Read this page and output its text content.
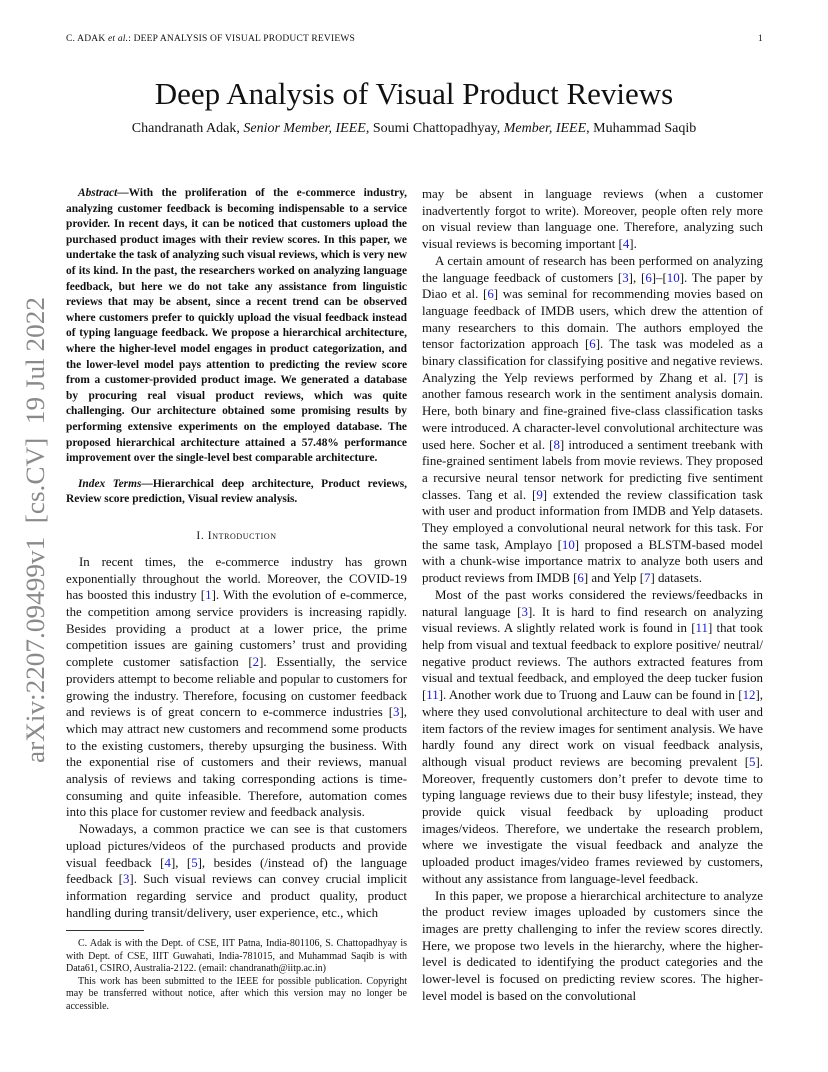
C. ADAK et al.: DEEP ANALYSIS OF VISUAL PRODUCT REVIEWS	1
arXiv:2207.09499v1  [cs.CV]  19 Jul 2022
Deep Analysis of Visual Product Reviews
Chandranath Adak, Senior Member, IEEE, Soumi Chattopadhyay, Member, IEEE, Muhammad Saqib

Abstract—With the proliferation of the e-commerce industry, analyzing customer feedback is becoming indispensable to a service provider. In recent days, it can be noticed that customers upload the purchased product images with their review scores. In this paper, we undertake the task of analyzing such visual reviews, which is very new of its kind. In the past, the researchers worked on analyzing language feedback, but here we do not take any assistance from linguistic reviews that may be absent, since a recent trend can be observed where customers prefer to quickly upload the visual feedback instead of typing language feedback. We propose a hierarchical architecture, where the higher-level model engages in product categorization, and the lower-level model pays attention to predicting the review score from a customer-provided product image. We generated a database by procuring real visual product reviews, which was quite challenging. Our architecture obtained some promising results by performing extensive experiments on the employed database. The proposed hierarchical architecture attained a 57.48% performance improvement over the single-level best comparable architecture.

Index Terms—Hierarchical deep architecture, Product reviews, Review score prediction, Visual review analysis.

I. Introduction

In recent times, the e-commerce industry has grown exponentially throughout the world. Moreover, the COVID-19 has boosted this industry [1]. With the evolution of e-commerce, the competition among service providers is increasing rapidly. Besides providing a product at a lower price, the prime competition issues are gaining customers’ trust and providing complete customer satisfaction [2]. Essentially, the service providers attempt to become reliable and popular to customers for growing the industry. Therefore, focusing on customer feedback and reviews is of great concern to e-commerce industries [3], which may attract new customers and recommend some products to the existing customers, thereby upsurging the business. With the exponential rise of customers and their reviews, manual analysis of reviews and taking corresponding actions is time-consuming and quite infeasible. Therefore, automation comes into this place for customer review and feedback analysis.

Nowadays, a common practice we can see is that customers upload pictures/videos of the purchased products and provide visual feedback [4], [5], besides (/instead of) the language feedback [3]. Such visual reviews can convey crucial implicit information regarding service and product quality, product handling during transit/delivery, user experience, etc., which

C. Adak is with the Dept. of CSE, IIT Patna, India-801106, S. Chattopadhyay is with Dept. of CSE, IIIT Guwahati, India-781015, and Muhammad Saqib is with Data61, CSIRO, Australia-2122. (email: chandranath@iitp.ac.in)

This work has been submitted to the IEEE for possible publication. Copyright may be transferred without notice, after which this version may no longer be accessible.

may be absent in language reviews (when a customer inadvertently forgot to write). Moreover, people often rely more on visual review than language one. Therefore, analyzing such visual reviews is becoming important [4].

A certain amount of research has been performed on analyzing the language feedback of customers [3], [6]–[10]. The paper by Diao et al. [6] was seminal for recommending movies based on language feedback of IMDB users, which drew the attention of many researchers to this domain. The authors employed the tensor factorization approach [6]. The task was modeled as a binary classification for classifying positive and negative reviews. Analyzing the Yelp reviews performed by Zhang et al. [7] is another famous research work in the sentiment analysis domain. Here, both binary and fine-grained five-class classification tasks were introduced. A character-level convolutional architecture was used here. Socher et al. [8] introduced a sentiment treebank with fine-grained sentiment labels from movie reviews. They proposed a recursive neural tensor network for predicting five sentiment classes. Tang et al. [9] extended the review classification task with user and product information from IMDB and Yelp datasets. They employed a convolutional neural network for this task. For the same task, Amplayo [10] proposed a BLSTM-based model with a chunk-wise importance matrix to analyze both users and product reviews from IMDB [6] and Yelp [7] datasets.

Most of the past works considered the reviews/feedbacks in natural language [3]. It is hard to find research on analyzing visual reviews. A slightly related work is found in [11] that took help from visual and textual feedback to explore positive/ neutral/ negative product reviews. The authors extracted features from visual and textual feedback, and employed the deep tucker fusion [11]. Another work due to Truong and Lauw can be found in [12], where they used convolutional architecture to deal with user and item factors of the review images for sentiment analysis. We have hardly found any direct work on visual feedback analysis, although visual product reviews are becoming prevalent [5]. Moreover, frequently customers don’t prefer to devote time to typing language reviews due to their busy lifestyle; instead, they provide quick visual feedback by uploading product images/videos. Therefore, we undertake the research problem, where we investigate the visual feedback and analyze the uploaded product images/video frames reviewed by customers, without any assistance from language-level feedback.

In this paper, we propose a hierarchical architecture to analyze the product review images uploaded by customers since the images are pretty challenging to infer the review scores directly. Here, we propose two levels in the hierarchy, where the higher-level is dedicated to identifying the product categories and the lower-level is focused on predicting review scores. The higher-level model is based on the convolutional
